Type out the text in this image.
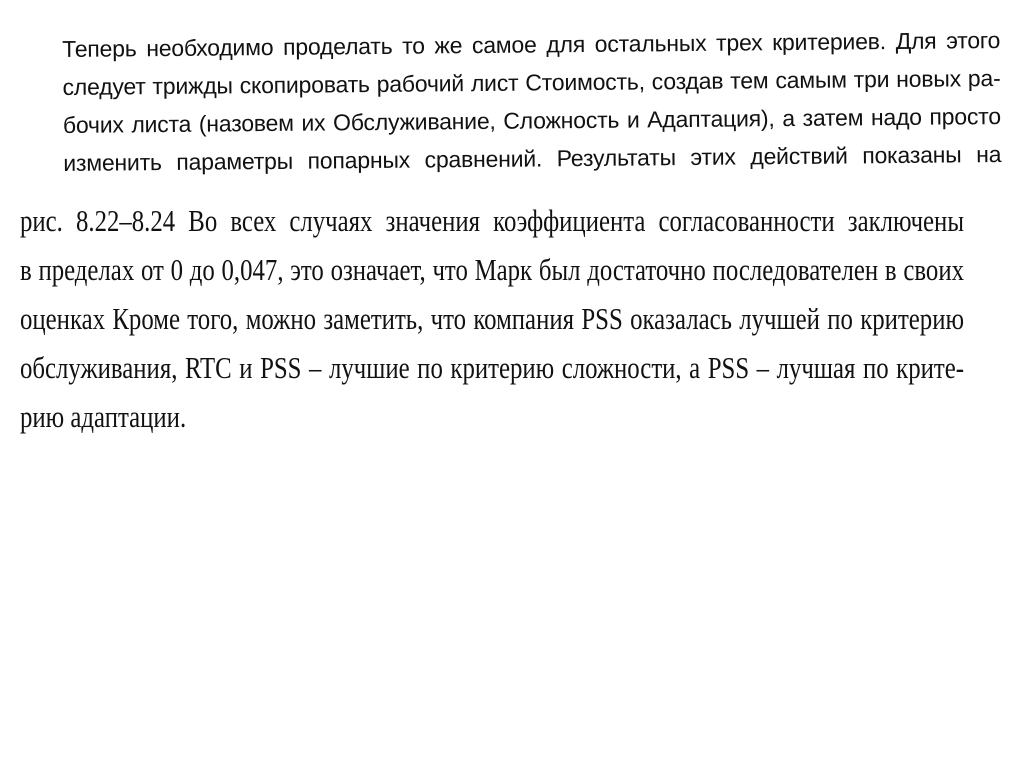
Теперь необходимо проделать то же самое для остальных трех критериев. Для этого
следует трижды скопировать рабочий лист Стоимость, создав тем самым три новых ра-
бочих листа (назовем их Обслуживание, Сложность и Адаптация), а затем надо просто
изменить параметры попарных сравнений. Результаты этих действий показаны на
рис. 8.22–8.24 Во всех случаях значения коэффициента согласованности заключены
в пределах от 0 до 0,047, это означает, что Марк был достаточно последователен в своих
оценках Кроме того, можно заметить, что компания PSS оказалась лучшей по критерию
обслуживания, RTC и PSS – лучшие по критерию сложности, а PSS – лучшая по крите-
рию адаптации.
